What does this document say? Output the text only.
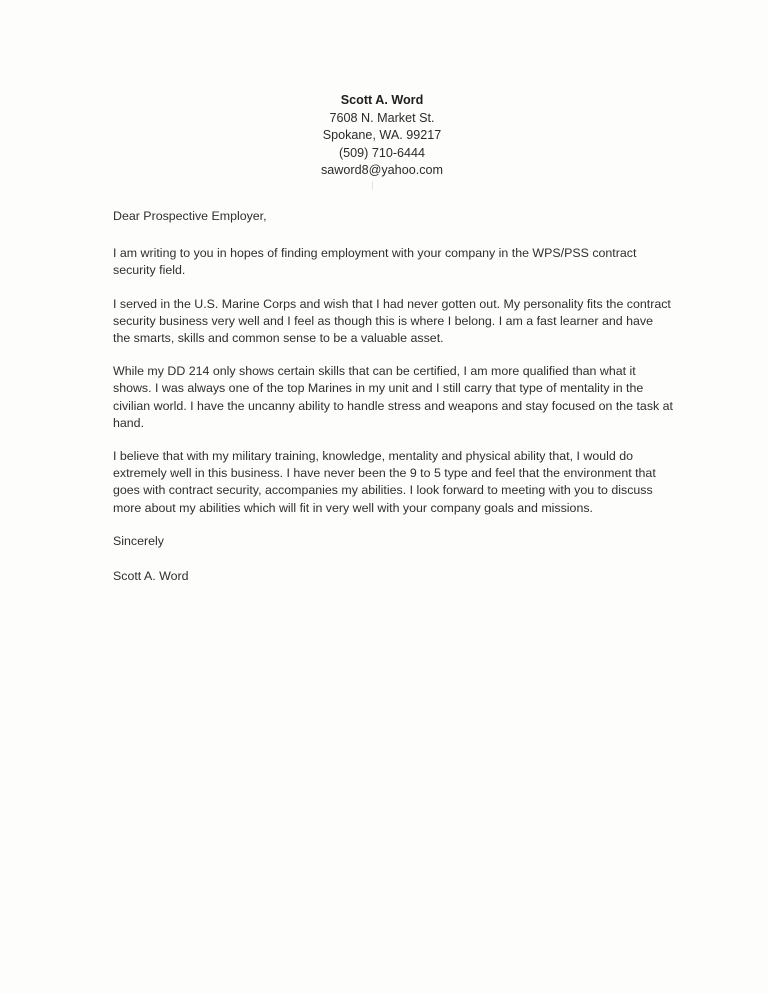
Scott A. Word
7608 N. Market St.
Spokane, WA. 99217
(509) 710-6444
saword8@yahoo.com

Dear Prospective Employer,

I am writing to you in hopes of finding employment with your company in the WPS/PSS contract security field.

I served in the U.S. Marine Corps and wish that I had never gotten out. My personality fits the contract security business very well and I feel as though this is where I belong. I am a fast learner and have the smarts, skills and common sense to be a valuable asset.

While my DD 214 only shows certain skills that can be certified, I am more qualified than what it shows. I was always one of the top Marines in my unit and I still carry that type of mentality in the civilian world. I have the uncanny ability to handle stress and weapons and stay focused on the task at hand.

I believe that with my military training, knowledge, mentality and physical ability that, I would do extremely well in this business. I have never been the 9 to 5 type and feel that the environment that goes with contract security, accompanies my abilities. I look forward to meeting with you to discuss more about my abilities which will fit in very well with your company goals and missions.

Sincerely

Scott A. Word
